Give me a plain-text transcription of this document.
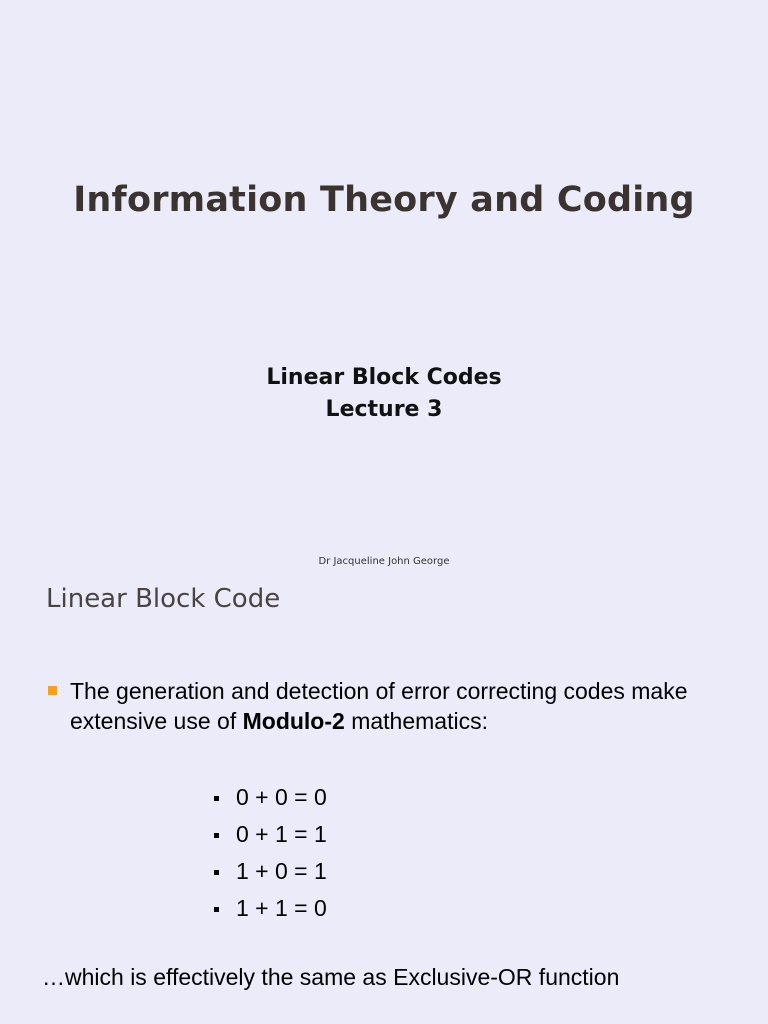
Information Theory and Coding
Linear Block Codes
Lecture 3
Dr Jacqueline John George
Linear Block Code
The generation and detection of error correcting codes make extensive use of Modulo-2 mathematics:
0 + 0 = 0
0 + 1 = 1
1 + 0 = 1
1 + 1 = 0
…which is effectively the same as Exclusive-OR function
